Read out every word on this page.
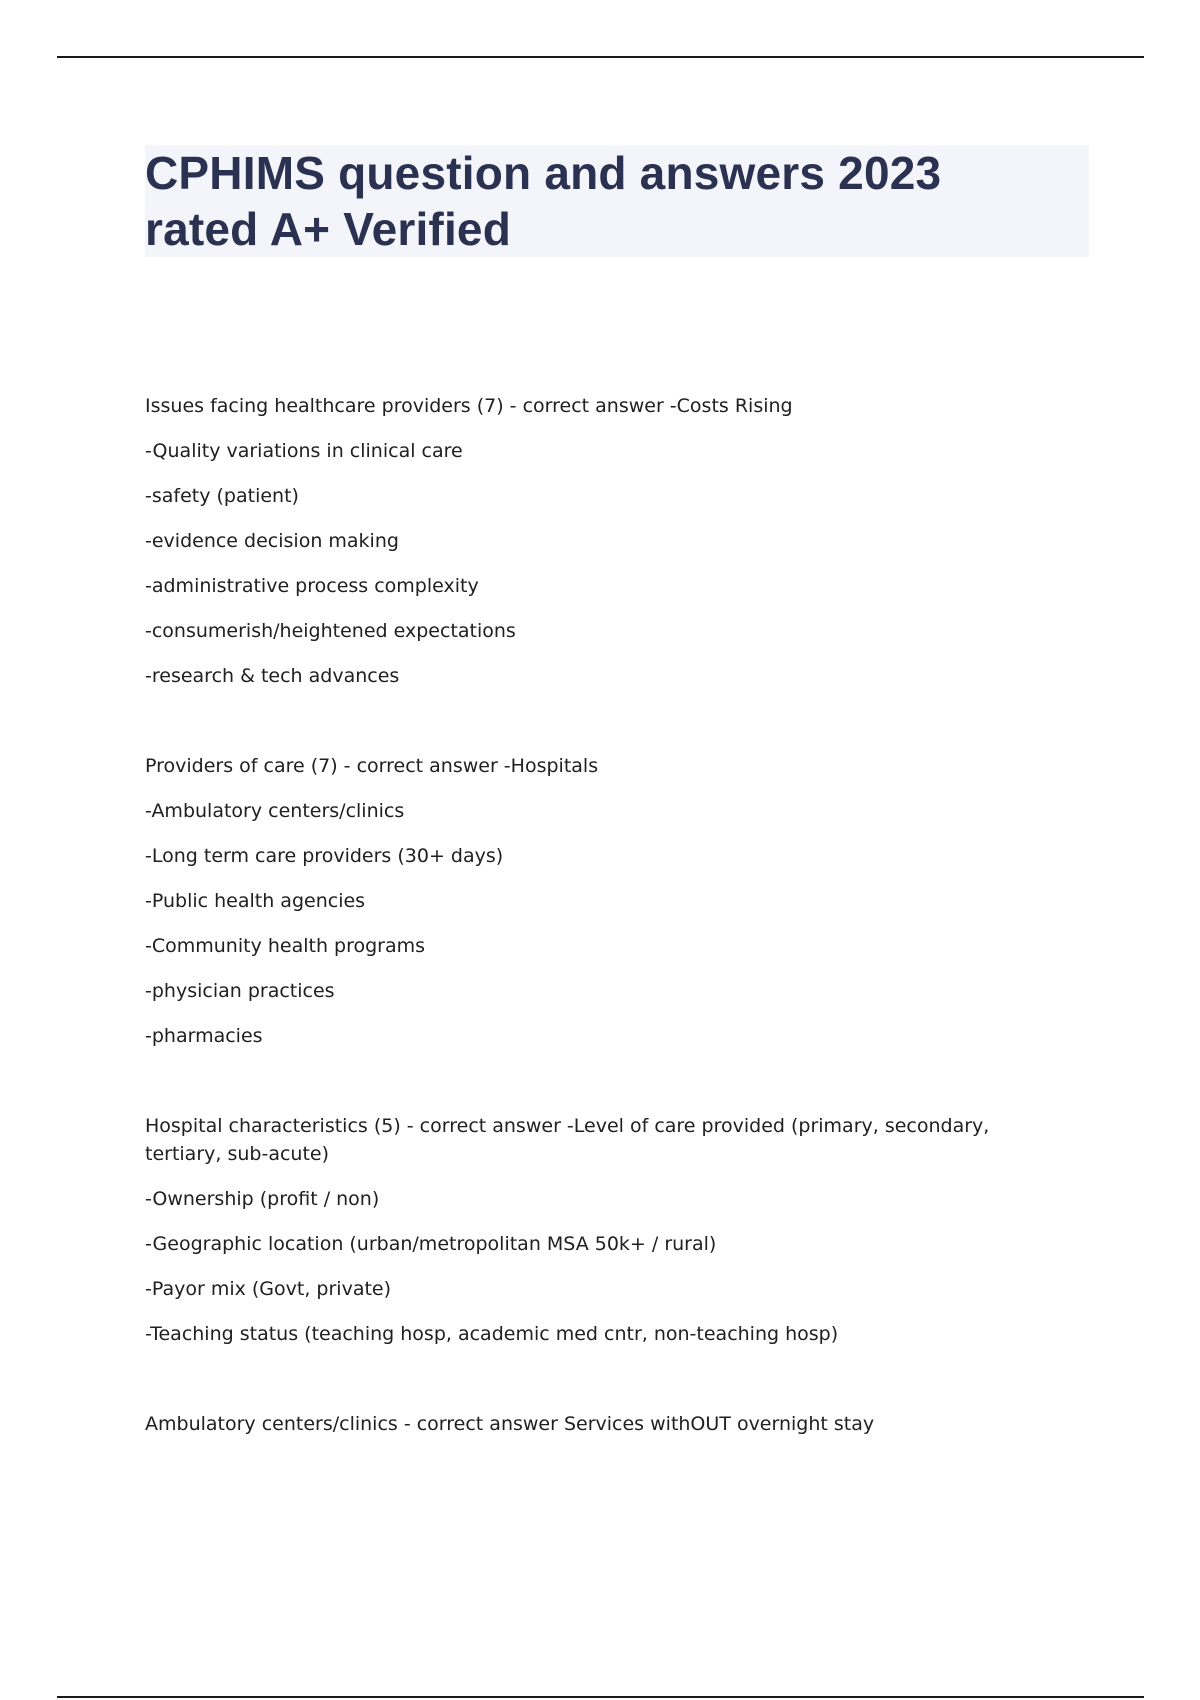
CPHIMS question and answers 2023
rated A+ Verified

Issues facing healthcare providers (7) - correct answer -Costs Rising

-Quality variations in clinical care

-safety (patient)

-evidence decision making

-administrative process complexity

-consumerish/heightened expectations

-research & tech advances

Providers of care (7) - correct answer -Hospitals

-Ambulatory centers/clinics

-Long term care providers (30+ days)

-Public health agencies

-Community health programs

-physician practices

-pharmacies

Hospital characteristics (5) - correct answer -Level of care provided (primary, secondary, tertiary, sub-acute)

-Ownership (profit / non)

-Geographic location (urban/metropolitan MSA 50k+ / rural)

-Payor mix (Govt, private)

-Teaching status (teaching hosp, academic med cntr, non-teaching hosp)

Ambulatory centers/clinics - correct answer Services withOUT overnight stay
